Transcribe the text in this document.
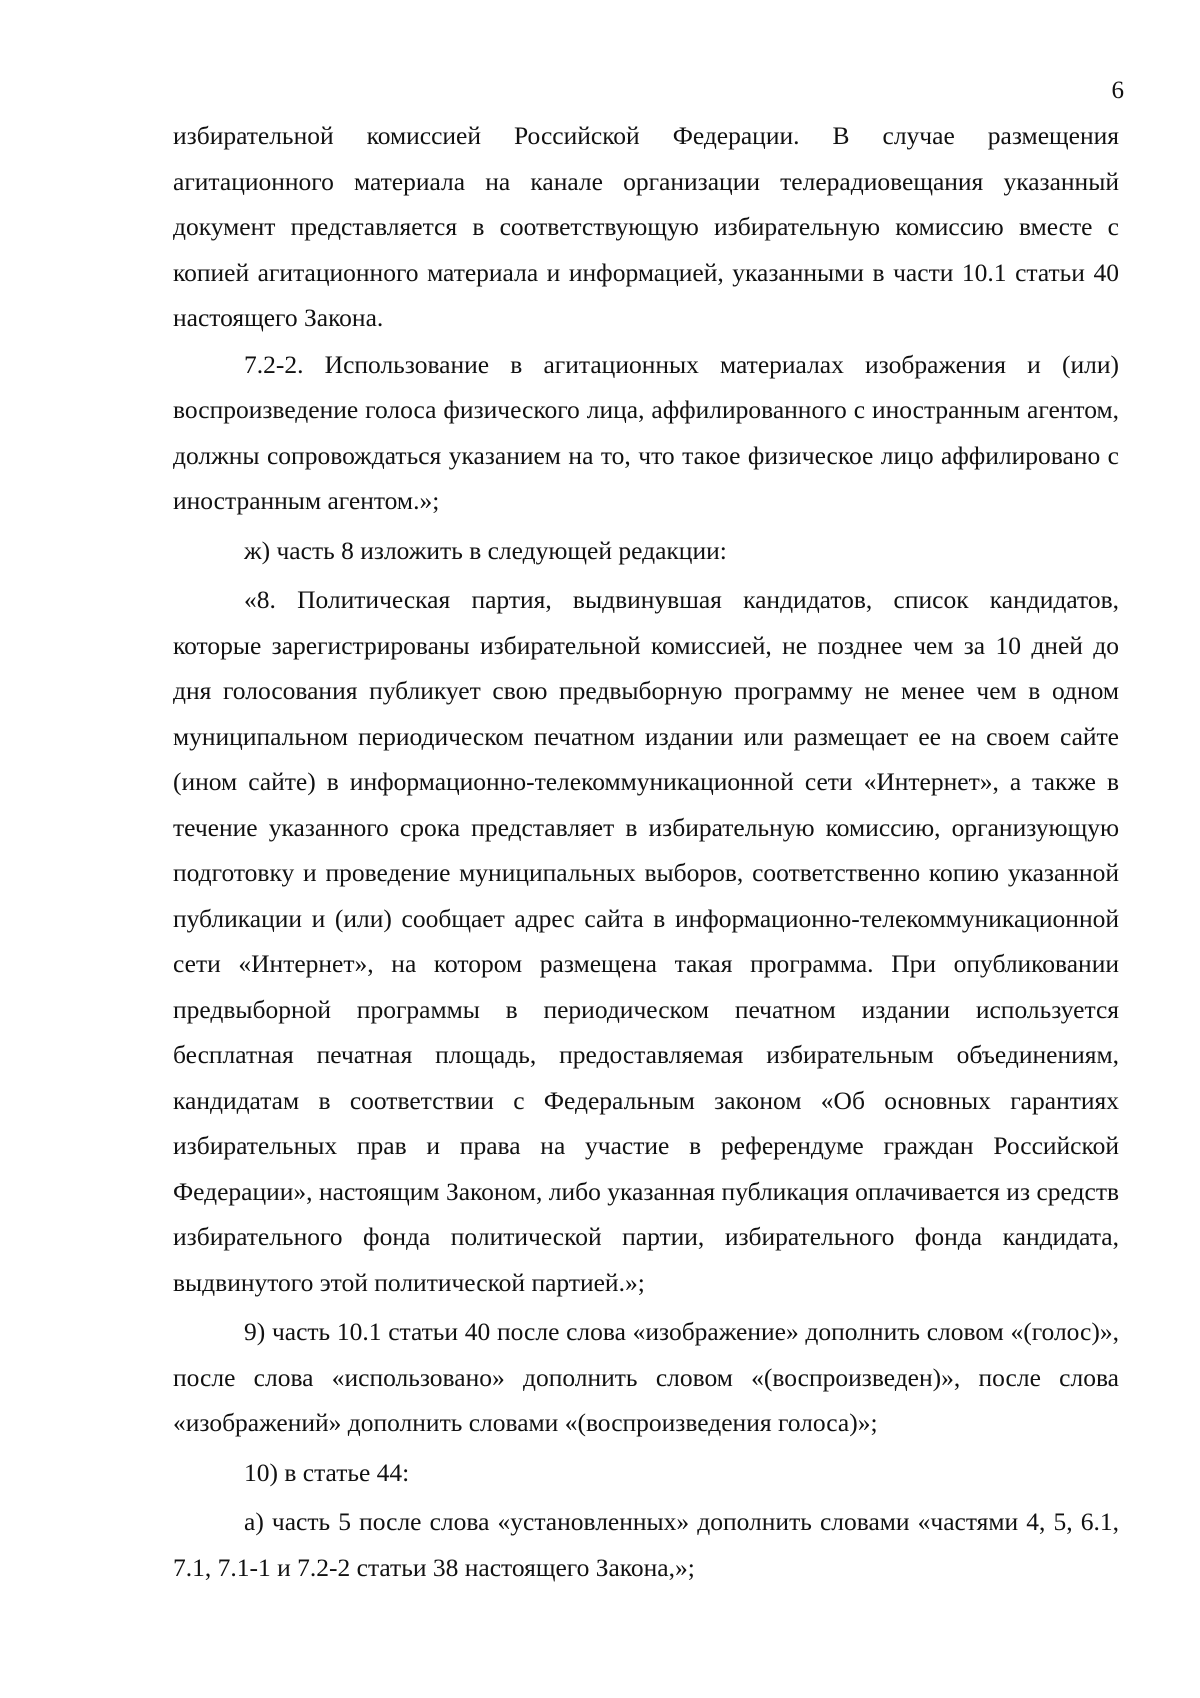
6

избирательной комиссией Российской Федерации. В случае размещения агитационного материала на канале организации телерадиовещания указанный документ представляется в соответствующую избирательную комиссию вместе с копией агитационного материала и информацией, указанными в части 10.1 статьи 40 настоящего Закона.

7.2-2. Использование в агитационных материалах изображения и (или) воспроизведение голоса физического лица, аффилированного с иностранным агентом, должны сопровождаться указанием на то, что такое физическое лицо аффилировано с иностранным агентом.»;

ж) часть 8 изложить в следующей редакции:

«8. Политическая партия, выдвинувшая кандидатов, список кандидатов, которые зарегистрированы избирательной комиссией, не позднее чем за 10 дней до дня голосования публикует свою предвыборную программу не менее чем в одном муниципальном периодическом печатном издании или размещает ее на своем сайте (ином сайте) в информационно-телекоммуникационной сети «Интернет», а также в течение указанного срока представляет в избирательную комиссию, организующую подготовку и проведение муниципальных выборов, соответственно копию указанной публикации и (или) сообщает адрес сайта в информационно-телекоммуникационной сети «Интернет», на котором размещена такая программа. При опубликовании предвыборной программы в периодическом печатном издании используется бесплатная печатная площадь, предоставляемая избирательным объединениям, кандидатам в соответствии с Федеральным законом «Об основных гарантиях избирательных прав и права на участие в референдуме граждан Российской Федерации», настоящим Законом, либо указанная публикация оплачивается из средств избирательного фонда политической партии, избирательного фонда кандидата, выдвинутого этой политической партией.»;

9) часть 10.1 статьи 40 после слова «изображение» дополнить словом «(голос)», после слова «использовано» дополнить словом «(воспроизведен)», после слова «изображений» дополнить словами «(воспроизведения голоса)»;

10) в статье 44:

а) часть 5 после слова «установленных» дополнить словами «частями 4, 5, 6.1, 7.1, 7.1-1 и 7.2-2 статьи 38 настоящего Закона,»;
